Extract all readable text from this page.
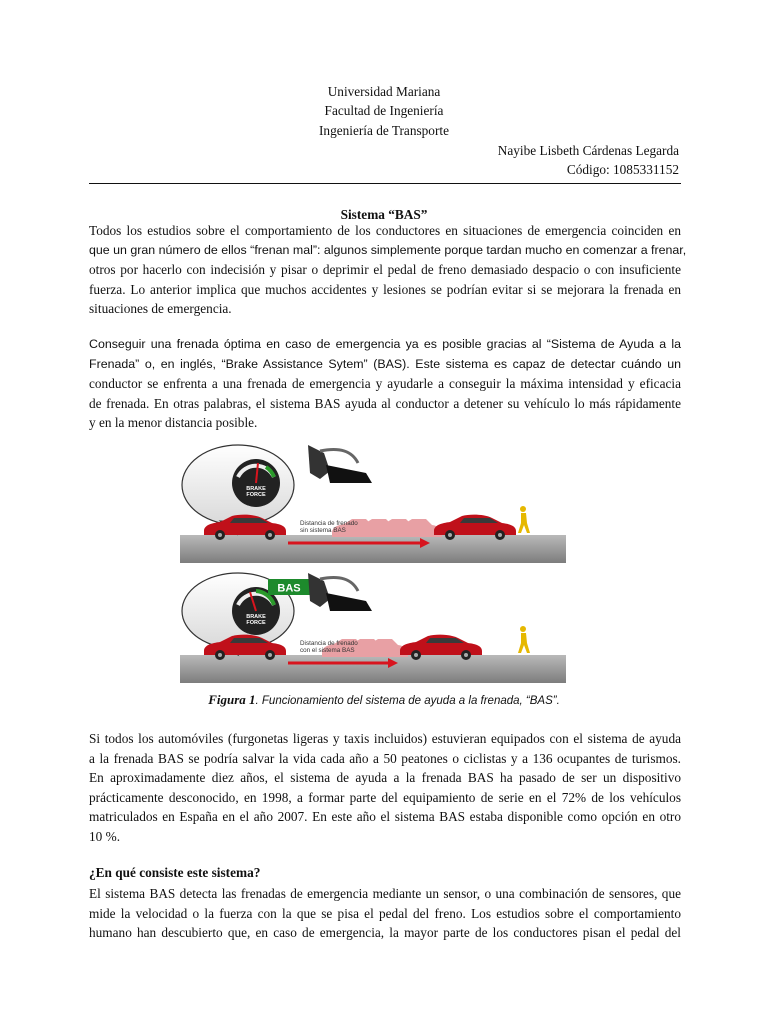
Universidad Mariana
Facultad de Ingeniería
Ingeniería de Transporte
Nayibe Lisbeth Cárdenas Legarda
Código: 1085331152
Sistema “BAS”
Todos los estudios sobre el comportamiento de los conductores en situaciones de emergencia coinciden en
que un gran número de ellos “frenan mal”: algunos simplemente porque tardan mucho en comenzar a frenar,
otros por hacerlo con indecisión y pisar o deprimir el pedal de freno demasiado despacio o con insuficiente
fuerza. Lo anterior implica que muchos accidentes y lesiones se podrían evitar si se mejorara la frenada en
situaciones de emergencia.
Conseguir una frenada óptima en caso de emergencia ya es posible gracias al “Sistema de Ayuda a la
Frenada” o, en inglés, “Brake Assistance Sytem” (BAS). Este sistema es capaz de detectar cuándo un
conductor se enfrenta a una frenada de emergencia y ayudarle a conseguir la máxima intensidad y eficacia
de frenada. En otras palabras, el sistema BAS ayuda al conductor a detener su vehículo lo más rápidamente
y en la menor distancia posible.
BRAKE
FORCE
Distancia de frenado
sin sistema BAS
BRAKE
FORCE
BAS
Distancia de frenado
con el sistema BAS
Figura 1. Funcionamiento del sistema de ayuda a la frenada, “BAS”.
Si todos los automóviles (furgonetas ligeras y taxis incluidos) estuvieran equipados con el sistema de ayuda
a la frenada BAS se podría salvar la vida cada año a 50 peatones o ciclistas y a 136 ocupantes de turismos.
En aproximadamente diez años, el sistema de ayuda a la frenada BAS ha pasado de ser un dispositivo
prácticamente desconocido, en 1998, a formar parte del equipamiento de serie en el 72% de los vehículos
matriculados en España en el año 2007. En este año el sistema BAS estaba disponible como opción en otro
10 %.
¿En qué consiste este sistema?
El sistema BAS detecta las frenadas de emergencia mediante un sensor, o una combinación de sensores, que
mide la velocidad o la fuerza con la que se pisa el pedal del freno. Los estudios sobre el comportamiento
humano han descubierto que, en caso de emergencia, la mayor parte de los conductores pisan el pedal del
